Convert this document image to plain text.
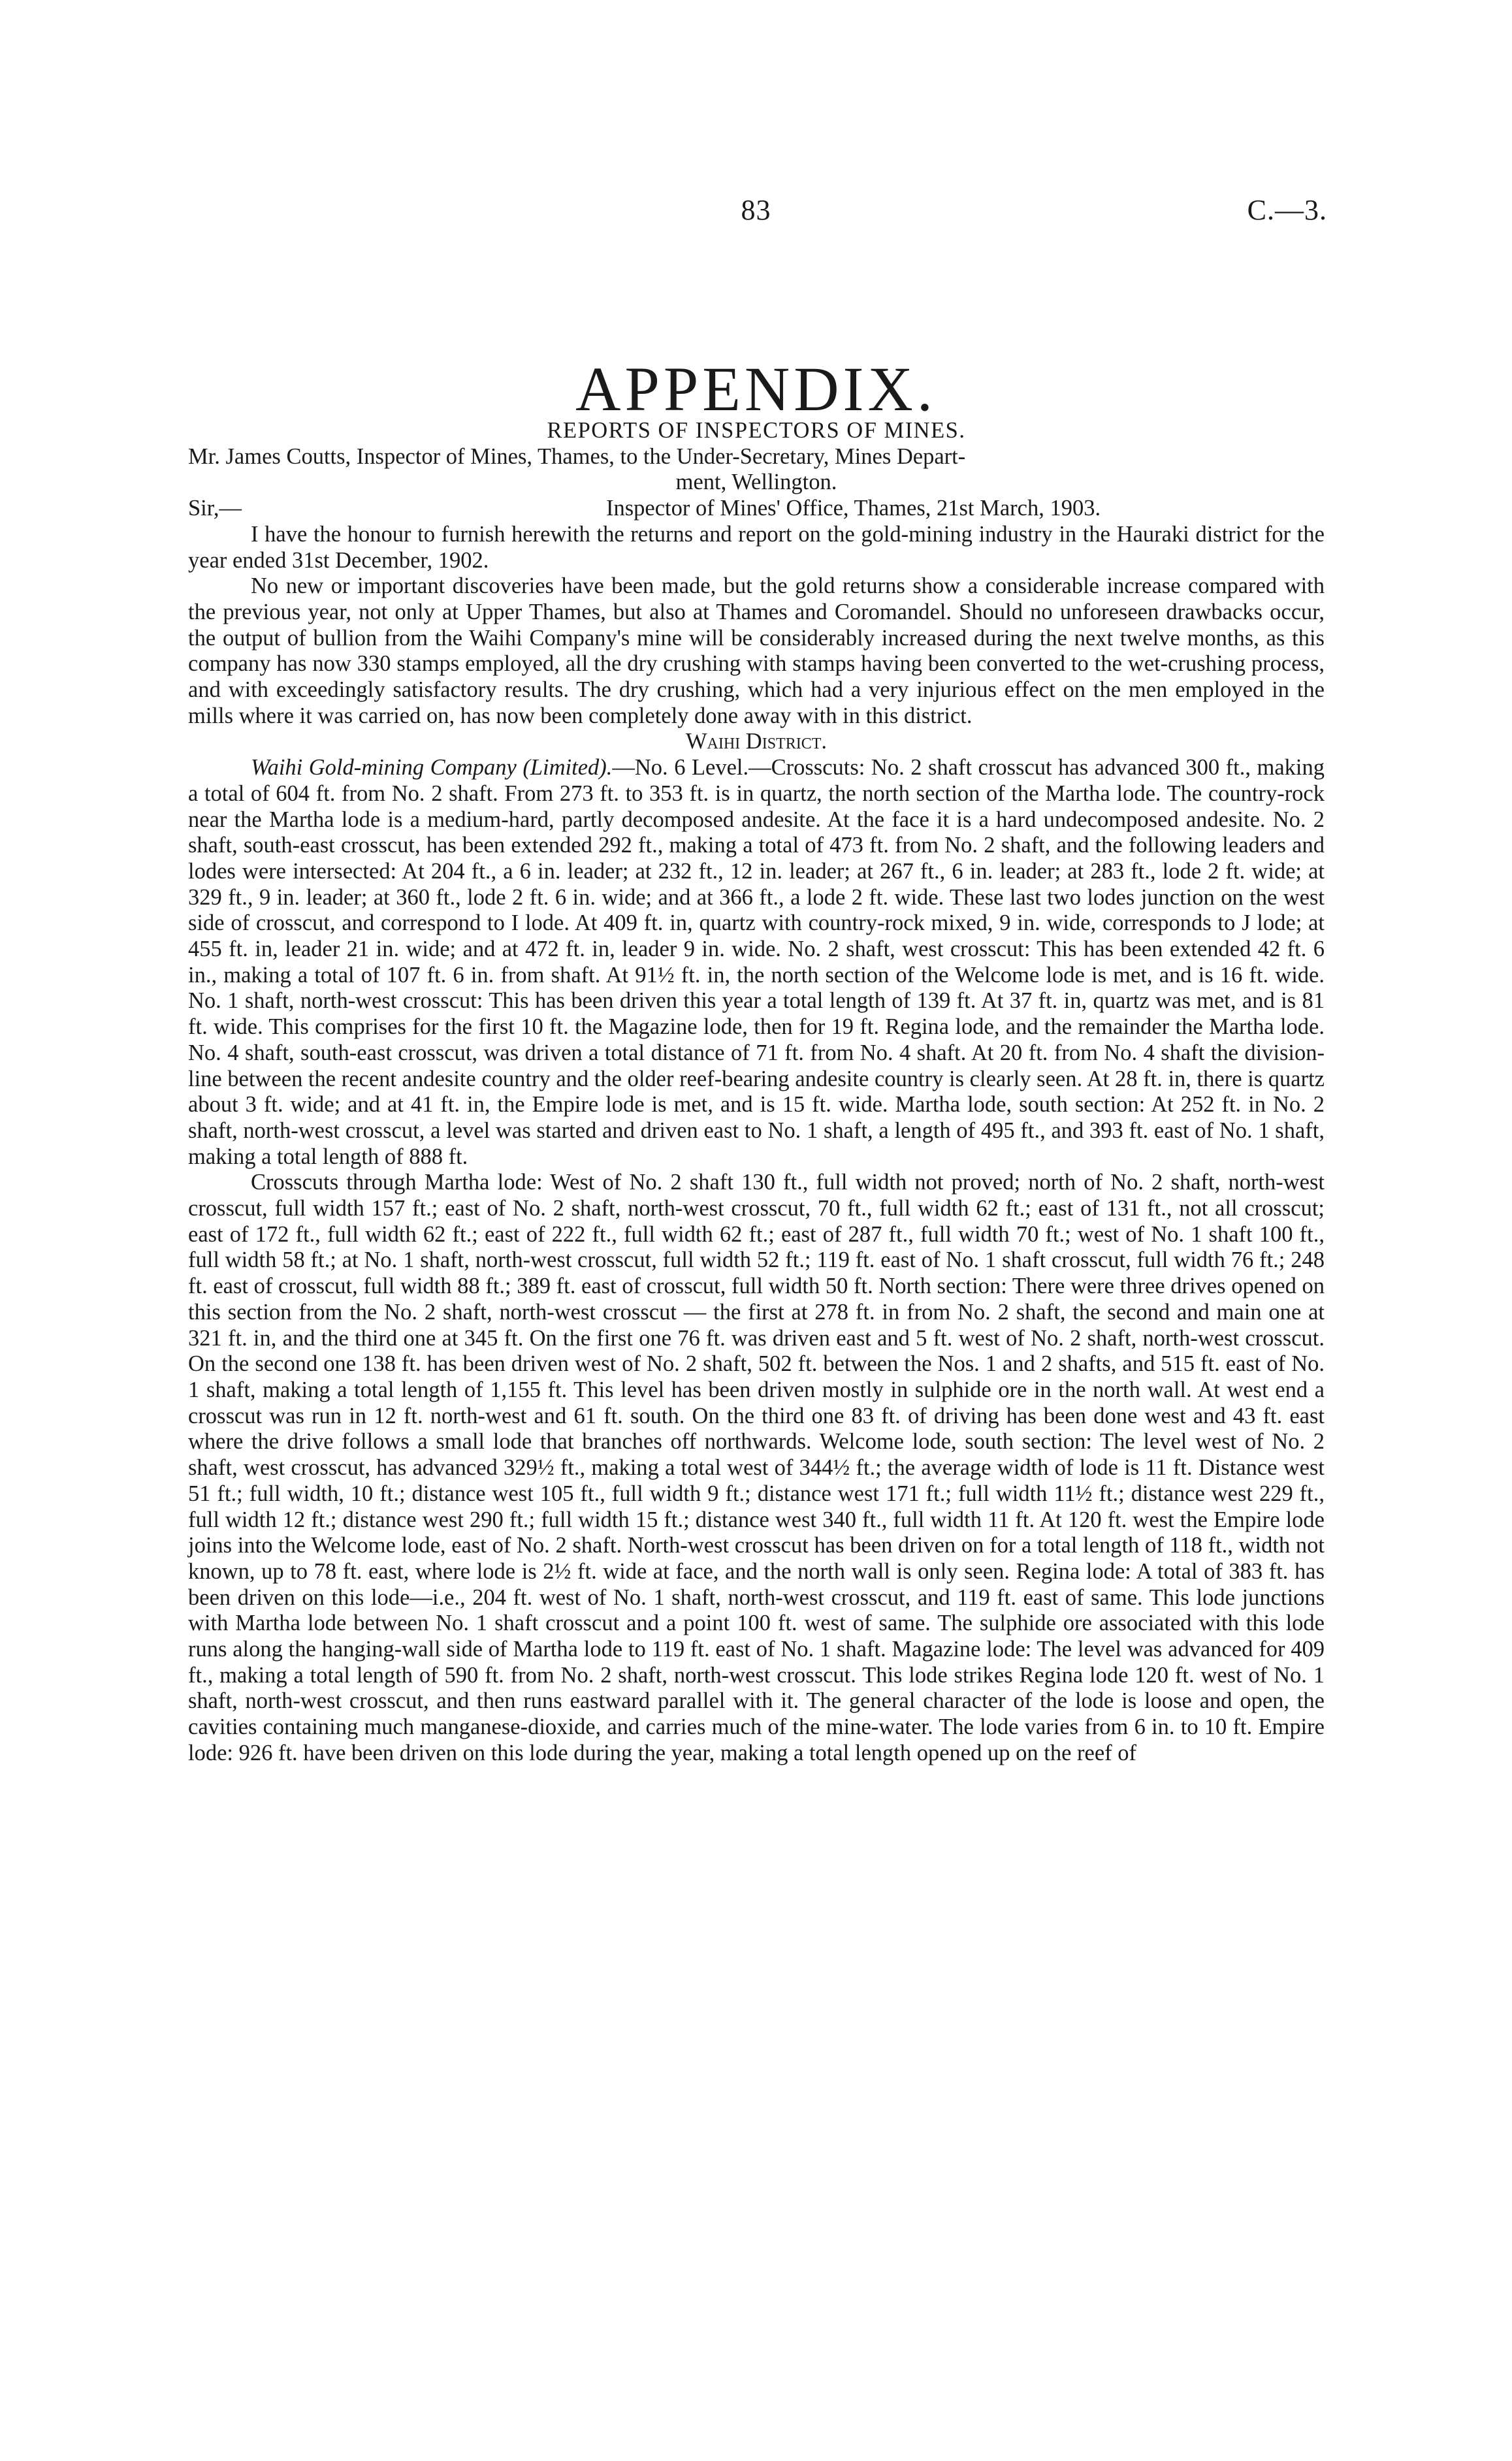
83	C.—3.
APPENDIX.
REPORTS OF INSPECTORS OF MINES.
Mr. James Coutts, Inspector of Mines, Thames, to the Under-Secretary, Mines Depart-
ment, Wellington.
Sir,—	Inspector of Mines' Office, Thames, 21st March, 1903.

I have the honour to furnish herewith the returns and report on the gold-mining industry in the Hauraki district for the year ended 31st December, 1902.

No new or important discoveries have been made, but the gold returns show a considerable increase compared with the previous year, not only at Upper Thames, but also at Thames and Coromandel. Should no unforeseen drawbacks occur, the output of bullion from the Waihi Company's mine will be considerably increased during the next twelve months, as this company has now 330 stamps employed, all the dry crushing with stamps having been converted to the wet-crushing process, and with exceedingly satisfactory results. The dry crushing, which had a very injurious effect on the men employed in the mills where it was carried on, has now been completely done away with in this district.

Waihi District.

Waihi Gold-mining Company (Limited).—No. 6 Level.—Crosscuts: No. 2 shaft crosscut has advanced 300 ft., making a total of 604 ft. from No. 2 shaft. From 273 ft. to 353 ft. is in quartz, the north section of the Martha lode. The country-rock near the Martha lode is a medium-hard, partly decomposed andesite. At the face it is a hard undecomposed andesite. No. 2 shaft, south-east crosscut, has been extended 292 ft., making a total of 473 ft. from No. 2 shaft, and the following leaders and lodes were intersected: At 204 ft., a 6 in. leader; at 232 ft., 12 in. leader; at 267 ft., 6 in. leader; at 283 ft., lode 2 ft. wide; at 329 ft., 9 in. leader; at 360 ft., lode 2 ft. 6 in. wide; and at 366 ft., a lode 2 ft. wide. These last two lodes junction on the west side of crosscut, and correspond to I lode. At 409 ft. in, quartz with country-rock mixed, 9 in. wide, corresponds to J lode; at 455 ft. in, leader 21 in. wide; and at 472 ft. in, leader 9 in. wide. No. 2 shaft, west crosscut: This has been extended 42 ft. 6 in., making a total of 107 ft. 6 in. from shaft. At 91½ ft. in, the north section of the Welcome lode is met, and is 16 ft. wide. No. 1 shaft, north-west crosscut: This has been driven this year a total length of 139 ft. At 37 ft. in, quartz was met, and is 81 ft. wide. This comprises for the first 10 ft. the Magazine lode, then for 19 ft. Regina lode, and the remainder the Martha lode. No. 4 shaft, south-east crosscut, was driven a total distance of 71 ft. from No. 4 shaft. At 20 ft. from No. 4 shaft the division-line between the recent andesite country and the older reef-bearing andesite country is clearly seen. At 28 ft. in, there is quartz about 3 ft. wide; and at 41 ft. in, the Empire lode is met, and is 15 ft. wide. Martha lode, south section: At 252 ft. in No. 2 shaft, north-west crosscut, a level was started and driven east to No. 1 shaft, a length of 495 ft., and 393 ft. east of No. 1 shaft, making a total length of 888 ft.

Crosscuts through Martha lode: West of No. 2 shaft 130 ft., full width not proved; north of No. 2 shaft, north-west crosscut, full width 157 ft.; east of No. 2 shaft, north-west crosscut, 70 ft., full width 62 ft.; east of 131 ft., not all crosscut; east of 172 ft., full width 62 ft.; east of 222 ft., full width 62 ft.; east of 287 ft., full width 70 ft.; west of No. 1 shaft 100 ft., full width 58 ft.; at No. 1 shaft, north-west crosscut, full width 52 ft.; 119 ft. east of No. 1 shaft crosscut, full width 76 ft.; 248 ft. east of crosscut, full width 88 ft.; 389 ft. east of crosscut, full width 50 ft. North section: There were three drives opened on this section from the No. 2 shaft, north-west crosscut — the first at 278 ft. in from No. 2 shaft, the second and main one at 321 ft. in, and the third one at 345 ft. On the first one 76 ft. was driven east and 5 ft. west of No. 2 shaft, north-west crosscut. On the second one 138 ft. has been driven west of No. 2 shaft, 502 ft. between the Nos. 1 and 2 shafts, and 515 ft. east of No. 1 shaft, making a total length of 1,155 ft. This level has been driven mostly in sulphide ore in the north wall. At west end a crosscut was run in 12 ft. north-west and 61 ft. south. On the third one 83 ft. of driving has been done west and 43 ft. east where the drive follows a small lode that branches off northwards. Welcome lode, south section: The level west of No. 2 shaft, west crosscut, has advanced 329½ ft., making a total west of 344½ ft.; the average width of lode is 11 ft. Distance west 51 ft.; full width, 10 ft.; distance west 105 ft., full width 9 ft.; distance west 171 ft.; full width 11½ ft.; distance west 229 ft., full width 12 ft.; distance west 290 ft.; full width 15 ft.; distance west 340 ft., full width 11 ft. At 120 ft. west the Empire lode joins into the Welcome lode, east of No. 2 shaft. North-west crosscut has been driven on for a total length of 118 ft., width not known, up to 78 ft. east, where lode is 2½ ft. wide at face, and the north wall is only seen. Regina lode: A total of 383 ft. has been driven on this lode—i.e., 204 ft. west of No. 1 shaft, north-west crosscut, and 119 ft. east of same. This lode junctions with Martha lode between No. 1 shaft crosscut and a point 100 ft. west of same. The sulphide ore associated with this lode runs along the hanging-wall side of Martha lode to 119 ft. east of No. 1 shaft. Magazine lode: The level was advanced for 409 ft., making a total length of 590 ft. from No. 2 shaft, north-west crosscut. This lode strikes Regina lode 120 ft. west of No. 1 shaft, north-west crosscut, and then runs eastward parallel with it. The general character of the lode is loose and open, the cavities containing much manganese-dioxide, and carries much of the mine-water. The lode varies from 6 in. to 10 ft. Empire lode: 926 ft. have been driven on this lode during the year, making a total length opened up on the reef of
